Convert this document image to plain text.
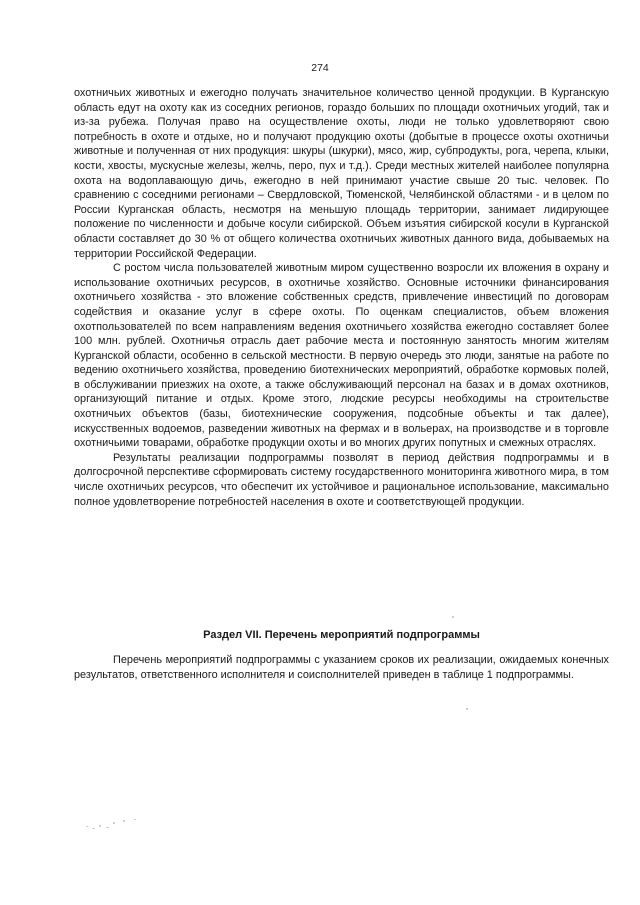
274

охотничьих животных и ежегодно получать значительное количество ценной продукции. В Курганскую область едут на охоту как из соседних регионов, гораздо больших по площади охотничьих угодий, так и из-за рубежа. Получая право на осуществление охоты, люди не только удовлетворяют свою потребность в охоте и отдыхе, но и получают продукцию охоты (добытые в процессе охоты охотничьи животные и полученная от них продукция: шкуры (шкурки), мясо, жир, субпродукты, рога, черепа, клыки, кости, хвосты, мускусные железы, желчь, перо, пух и т.д.). Среди местных жителей наиболее популярна охота на водоплавающую дичь, ежегодно в ней принимают участие свыше 20 тыс. человек. По сравнению с соседними регионами – Свердловской, Тюменской, Челябинской областями - и в целом по России Курганская область, несмотря на меньшую площадь территории, занимает лидирующее положение по численности и добыче косули сибирской. Объем изъятия сибирской косули в Курганской области составляет до 30 % от общего количества охотничьих животных данного вида, добываемых на территории Российской Федерации.

С ростом числа пользователей животным миром существенно возросли их вложения в охрану и использование охотничьих ресурсов, в охотничье хозяйство. Основные источники финансирования охотничьего хозяйства - это вложение собственных средств, привлечение инвестиций по договорам содействия и оказание услуг в сфере охоты. По оценкам специалистов, объем вложения охотпользователей по всем направлениям ведения охотничьего хозяйства ежегодно составляет более 100 млн. рублей. Охотничья отрасль дает рабочие места и постоянную занятость многим жителям Курганской области, особенно в сельской местности. В первую очередь это люди, занятые на работе по ведению охотничьего хозяйства, проведению биотехнических мероприятий, обработке кормовых полей, в обслуживании приезжих на охоте, а также обслуживающий персонал на базах и в домах охотников, организующий питание и отдых. Кроме этого, людские ресурсы необходимы на строительстве охотничьих объектов (базы, биотехнические сооружения, подсобные объекты и так далее), искусственных водоемов, разведении животных на фермах и в вольерах, на производстве и в торговле охотничьими товарами, обработке продукции охоты и во многих других попутных и смежных отраслях.

Результаты реализации подпрограммы позволят в период действия подпрограммы и в долгосрочной перспективе сформировать систему государственного мониторинга животного мира, в том числе охотничьих ресурсов, что обеспечит их устойчивое и рациональное использование, максимально полное удовлетворение потребностей населения в охоте и соответствующей продукции.

Раздел VII. Перечень мероприятий подпрограммы

Перечень мероприятий подпрограммы с указанием сроков их реализации, ожидаемых конечных результатов, ответственного исполнителя и соисполнителей приведен в таблице 1 подпрограммы.
